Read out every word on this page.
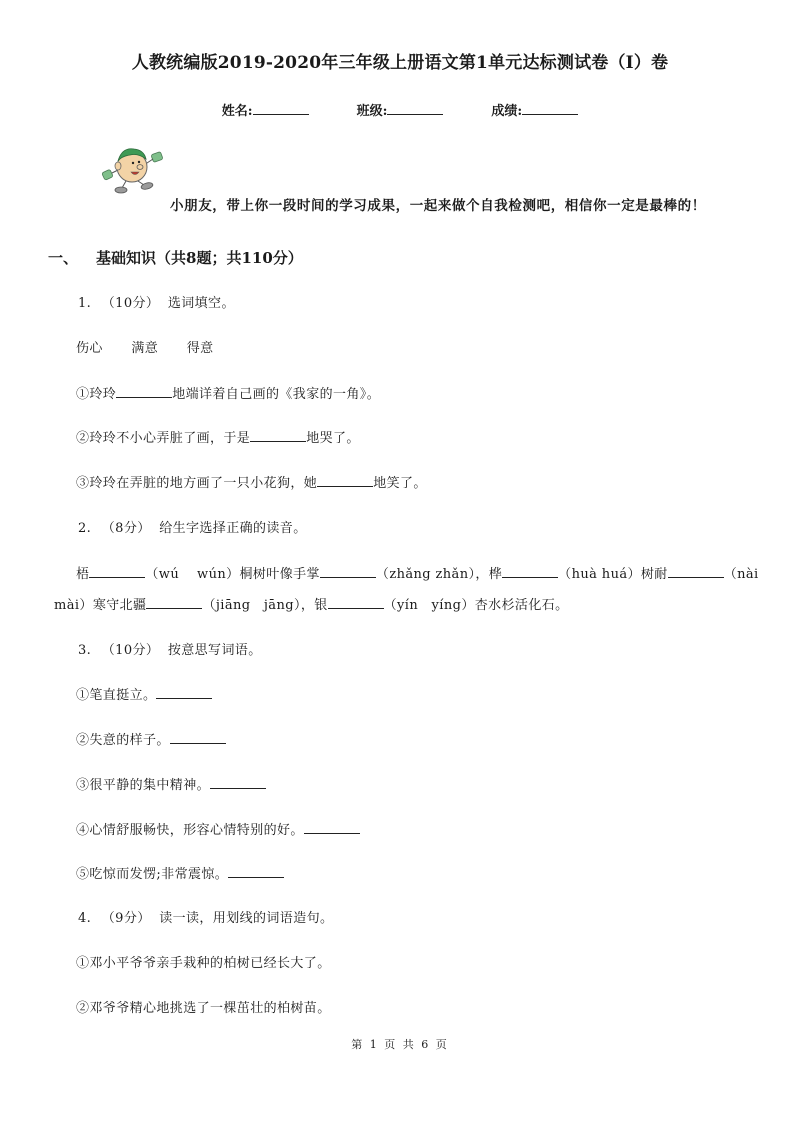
人教统编版2019-2020年三年级上册语文第1单元达标测试卷（I）卷
姓名:	班级:	成绩:
小朋友，带上你一段时间的学习成果，一起来做个自我检测吧，相信你一定是最棒的！
一、 基础知识（共8题；共110分）
1. （10分） 选词填空。
伤心 满意 得意
①玲玲	地端详着自己画的《我家的一角》。
②玲玲不小心弄脏了画，于是	地哭了。
③玲玲在弄脏的地方画了一只小花狗，她	地笑了。
2. （8分） 给生字选择正确的读音。
梧	（wú　 wún）桐树叶像手掌	（zhǎng zhǎn），桦	（huà huá）树耐	（nài
mài）寒守北疆	（jiāng　jāng），银	（yín　yíng）杏水杉活化石。
3. （10分） 按意思写词语。
①笔直挺立。
②失意的样子。
③很平静的集中精神。
④心情舒服畅快，形容心情特别的好。
⑤吃惊而发愣;非常震惊。
4. （9分） 读一读，用划线的词语造句。
①邓小平爷爷亲手栽种的柏树已经长大了。
②邓爷爷精心地挑选了一棵茁壮的柏树苗。
第 1 页 共 6 页
